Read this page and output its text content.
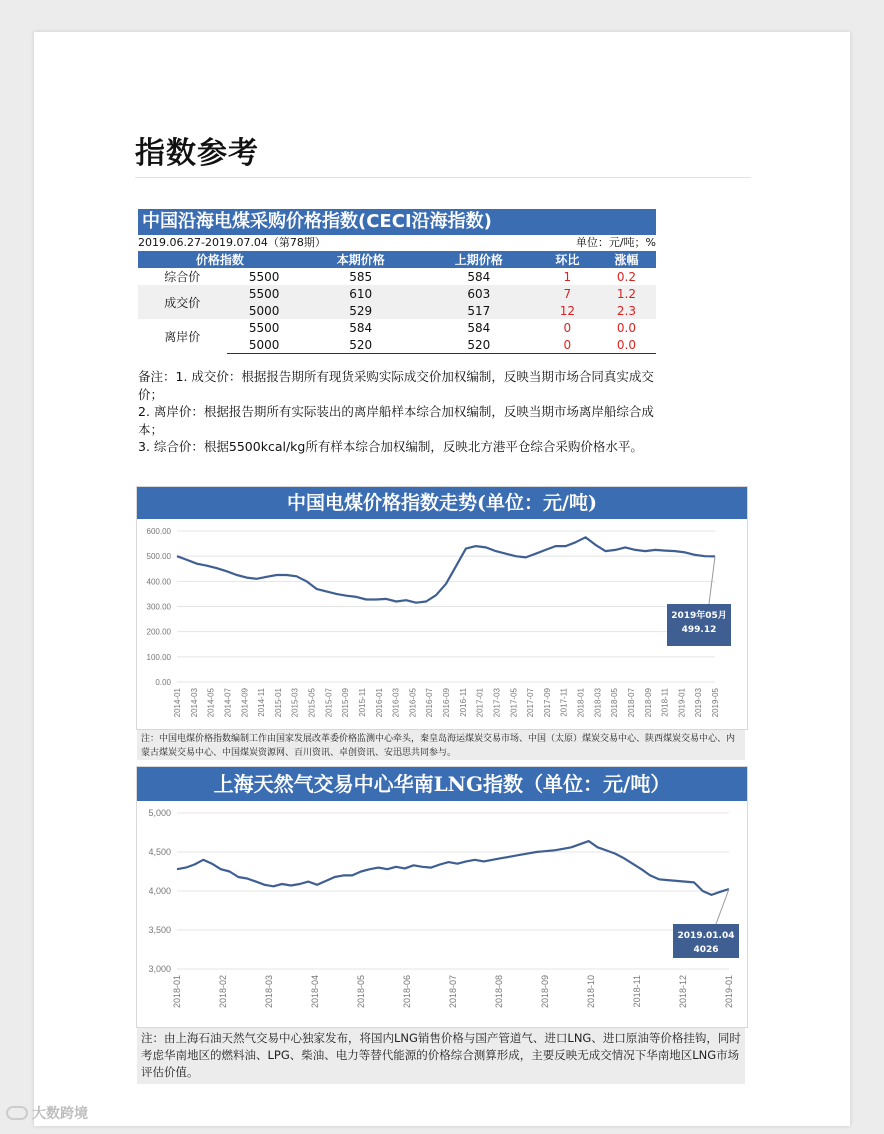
指数参考
中国沿海电煤采购价格指数(CECI沿海指数)
2019.06.27-2019.07.04（第78期）	单位：元/吨；%
价格指数		本期价格	上期价格	环比	涨幅
综合价	5500	585	584	1	0.2
成交价	5500	610	603	7	1.2
	5000	529	517	12	2.3
离岸价	5500	584	584	0	0.0
	5000	520	520	0	0.0

备注：1. 成交价：根据报告期所有现货采购实际成交价加权编制，反映当期市场合同真实成交价；

2. 离岸价：根据报告期所有实际装出的离岸船样本综合加权编制，反映当期市场离岸船综合成本；

3. 综合价：根据5500kcal/kg所有样本综合加权编制，反映北方港平仓综合采购价格水平。

中国电煤价格指数走势(单位：元/吨)
600.00
500.00
400.00
300.00
200.00
100.00
0.00
2014-01 2014-03 2014-05 2014-07 2014-09 2014-11 2015-01 2015-03 2015-05 2015-07 2015-09 2015-11 2016-01 2016-03 2016-05 2016-07 2016-09 2016-11 2017-01 2017-03 2017-05 2017-07 2017-09 2017-11 2018-01 2018-03 2018-05 2018-07 2018-09 2018-11 2019-01 2019-03 2019-05
2019年05月
499.12
注：中国电煤价格指数编制工作由国家发展改革委价格监测中心牵头，秦皇岛海运煤炭交易市场、中国（太原）煤炭交易中心、陕西煤炭交易中心、内蒙古煤炭交易中心、中国煤炭资源网、百川资讯、卓创资讯、安迅思共同参与。
上海天然气交易中心华南LNG指数（单位：元/吨）
5,000
4,500
4,000
3,500
3,000
2018-01	2018-02	2018-03	2018-04	2018-05	2018-06	2018-07	2018-08	2018-09	2018-10	2018-11	2018-12	2019-01
2019.01.04
4026
注：由上海石油天然气交易中心独家发布，将国内LNG销售价格与国产管道气、进口LNG、进口原油等价格挂钩，同时考虑华南地区的燃料油、LPG、柴油、电力等替代能源的价格综合测算形成，主要反映无成交情况下华南地区LNG市场评估价值。
大数跨境
